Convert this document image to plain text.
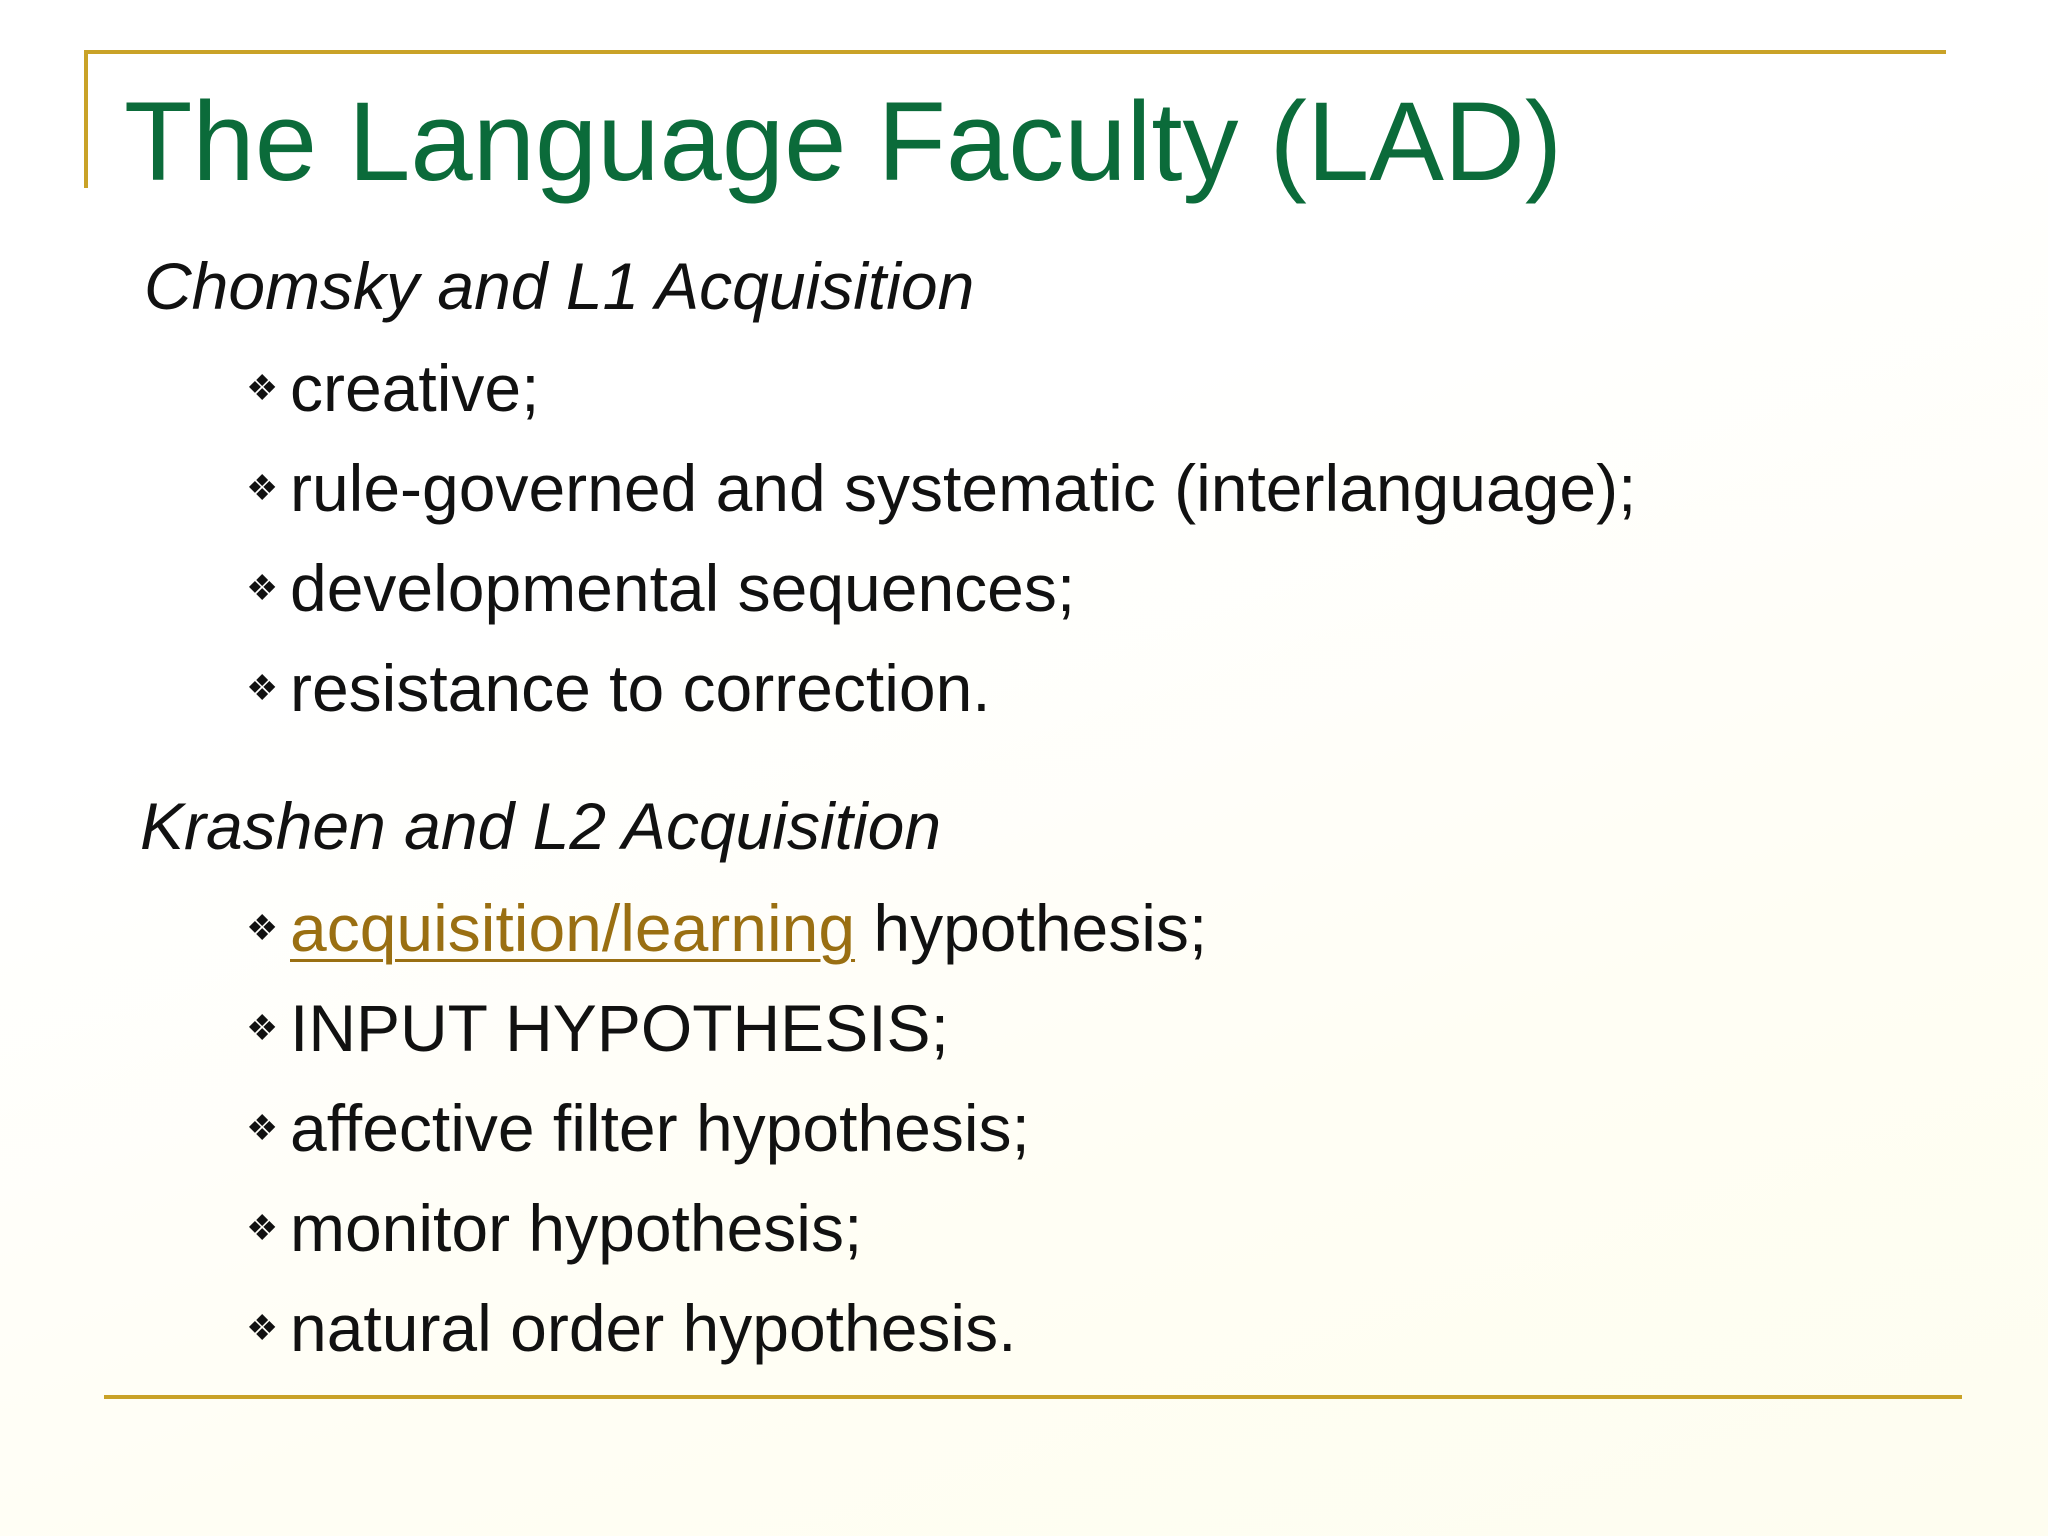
The Language Faculty (LAD)
Chomsky and L1 Acquisition
❖ creative;
❖ rule-governed and systematic (interlanguage);
❖ developmental sequences;
❖ resistance to correction.
Krashen and L2 Acquisition
❖ acquisition/learning hypothesis;
❖ INPUT HYPOTHESIS;
❖ affective filter hypothesis;
❖ monitor hypothesis;
❖ natural order hypothesis.
